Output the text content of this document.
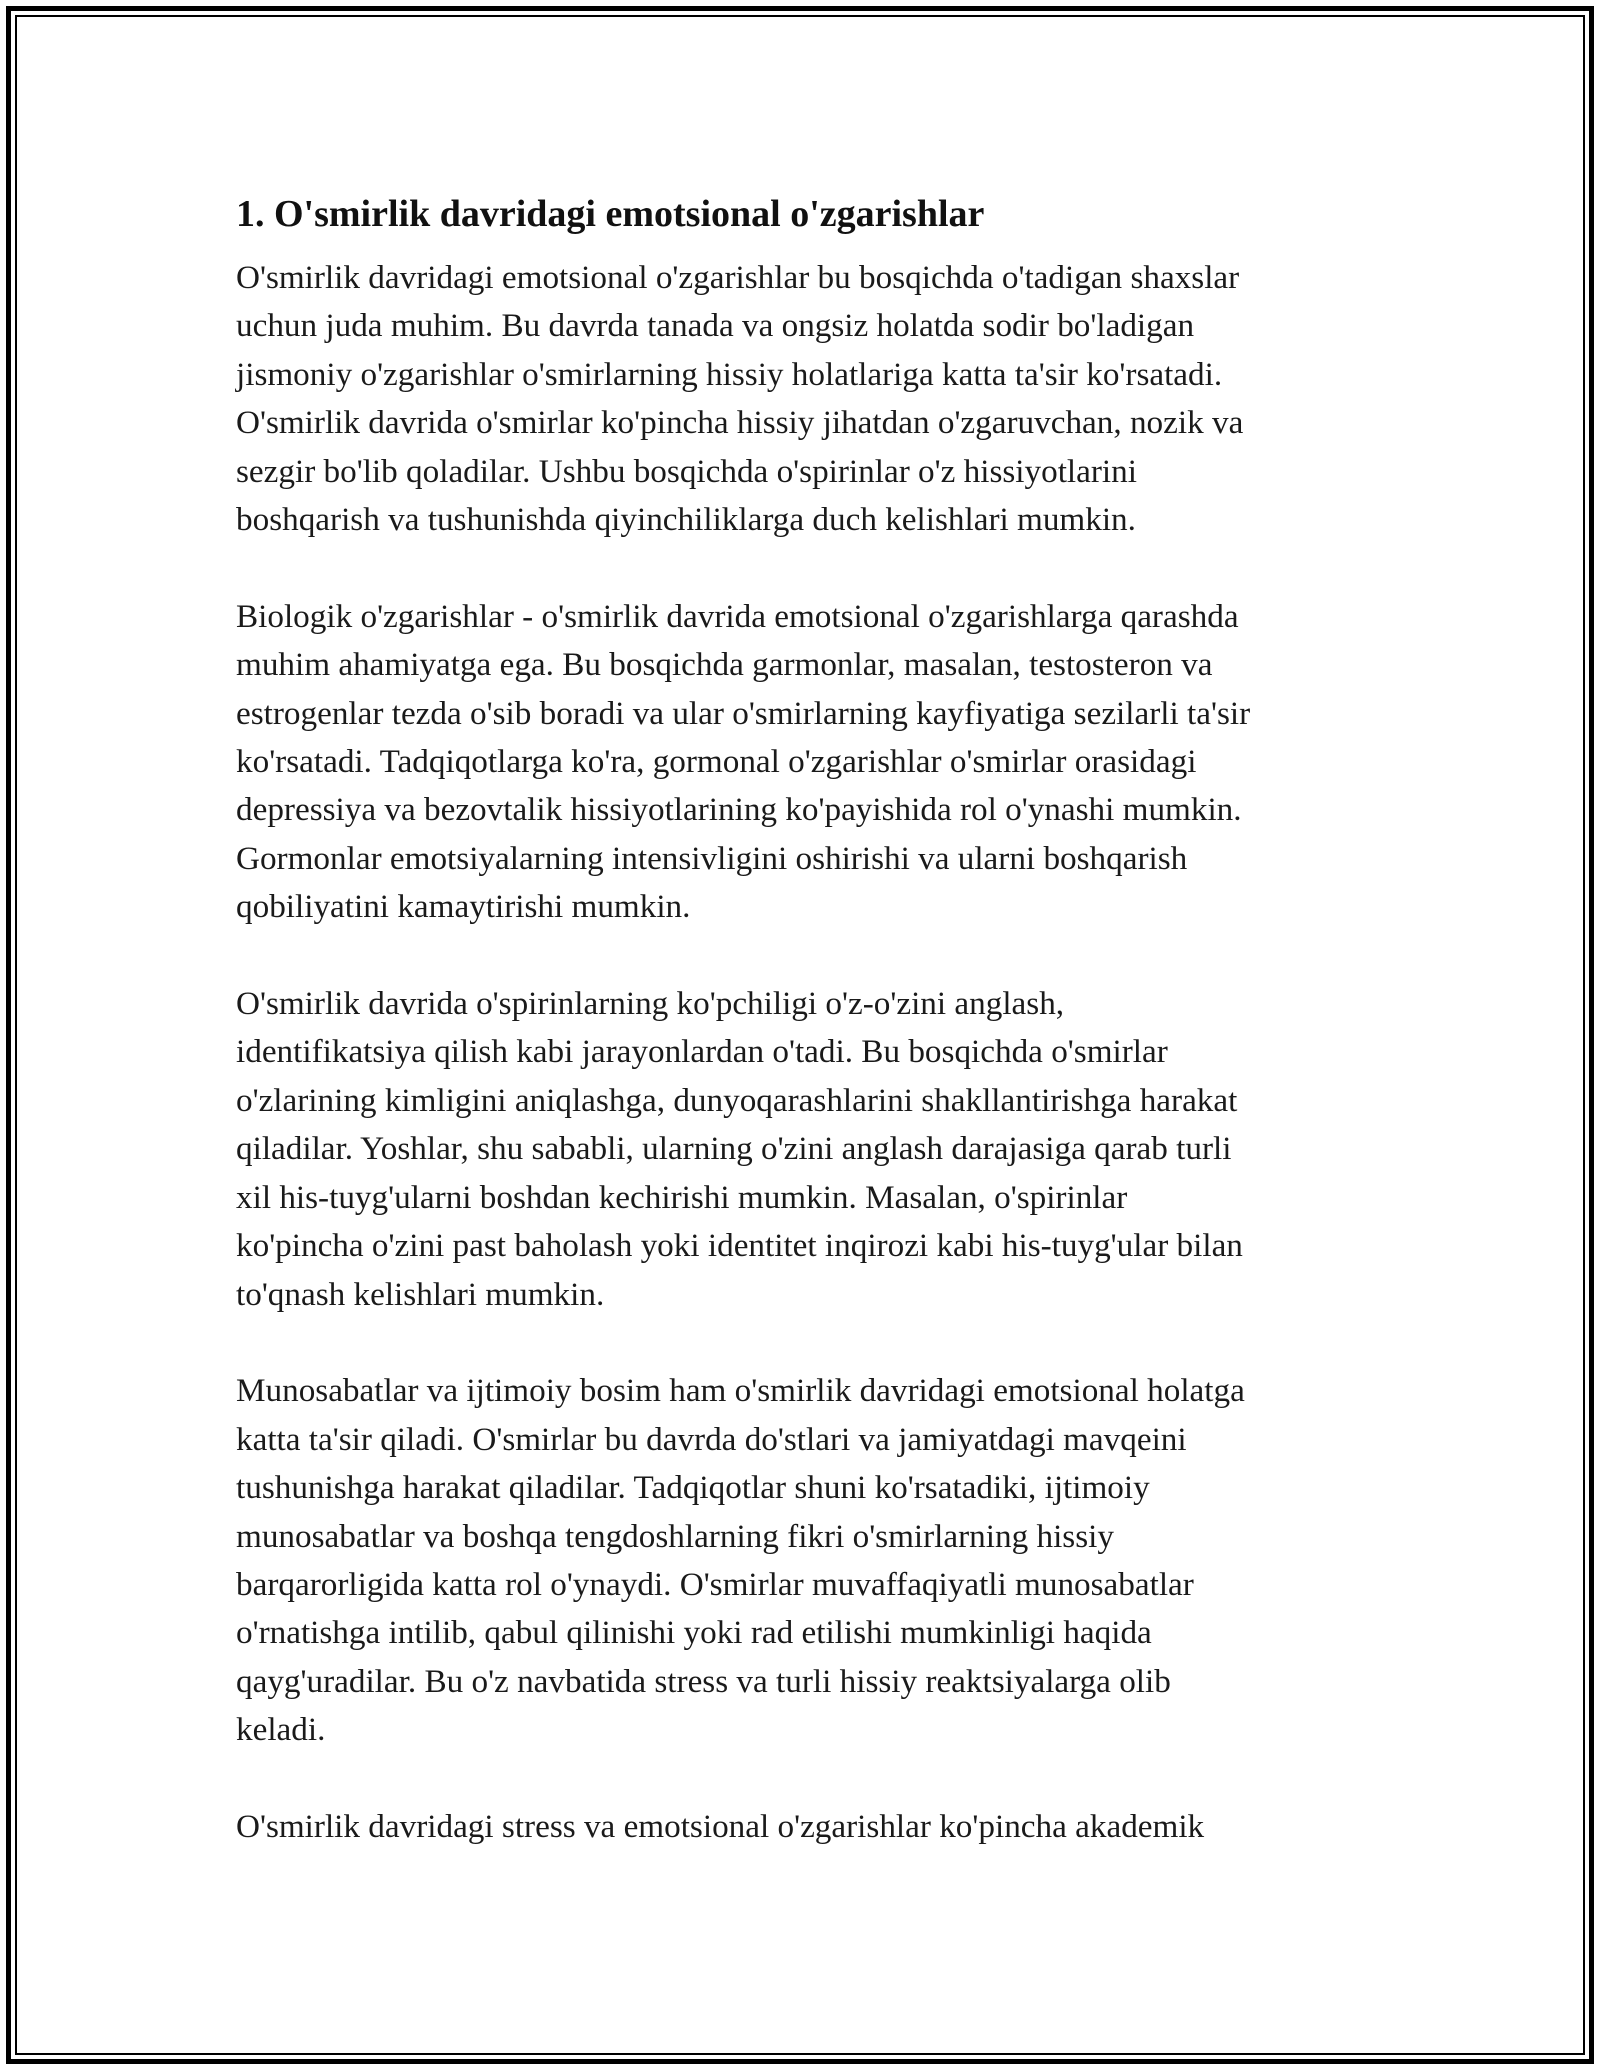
1. O'smirlik davridagi emotsional o'zgarishlar
O'smirlik davridagi emotsional o'zgarishlar bu bosqichda o'tadigan shaxslar
uchun juda muhim. Bu davrda tanada va ongsiz holatda sodir bo'ladigan
jismoniy o'zgarishlar o'smirlarning hissiy holatlariga katta ta'sir ko'rsatadi.
O'smirlik davrida o'smirlar ko'pincha hissiy jihatdan o'zgaruvchan, nozik va
sezgir bo'lib qoladilar. Ushbu bosqichda o'spirinlar o'z hissiyotlarini
boshqarish va tushunishda qiyinchiliklarga duch kelishlari mumkin.
Biologik o'zgarishlar - o'smirlik davrida emotsional o'zgarishlarga qarashda
muhim ahamiyatga ega. Bu bosqichda garmonlar, masalan, testosteron va
estrogenlar tezda o'sib boradi va ular o'smirlarning kayfiyatiga sezilarli ta'sir
ko'rsatadi. Tadqiqotlarga ko'ra, gormonal o'zgarishlar o'smirlar orasidagi
depressiya va bezovtalik hissiyotlarining ko'payishida rol o'ynashi mumkin.
Gormonlar emotsiyalarning intensivligini oshirishi va ularni boshqarish
qobiliyatini kamaytirishi mumkin.
O'smirlik davrida o'spirinlarning ko'pchiligi o'z-o'zini anglash,
identifikatsiya qilish kabi jarayonlardan o'tadi. Bu bosqichda o'smirlar
o'zlarining kimligini aniqlashga, dunyoqarashlarini shakllantirishga harakat
qiladilar. Yoshlar, shu sababli, ularning o'zini anglash darajasiga qarab turli
xil his-tuyg'ularni boshdan kechirishi mumkin. Masalan, o'spirinlar
ko'pincha o'zini past baholash yoki identitet inqirozi kabi his-tuyg'ular bilan
to'qnash kelishlari mumkin.
Munosabatlar va ijtimoiy bosim ham o'smirlik davridagi emotsional holatga
katta ta'sir qiladi. O'smirlar bu davrda do'stlari va jamiyatdagi mavqeini
tushunishga harakat qiladilar. Tadqiqotlar shuni ko'rsatadiki, ijtimoiy
munosabatlar va boshqa tengdoshlarning fikri o'smirlarning hissiy
barqarorligida katta rol o'ynaydi. O'smirlar muvaffaqiyatli munosabatlar
o'rnatishga intilib, qabul qilinishi yoki rad etilishi mumkinligi haqida
qayg'uradilar. Bu o'z navbatida stress va turli hissiy reaktsiyalarga olib
keladi.
O'smirlik davridagi stress va emotsional o'zgarishlar ko'pincha akademik
